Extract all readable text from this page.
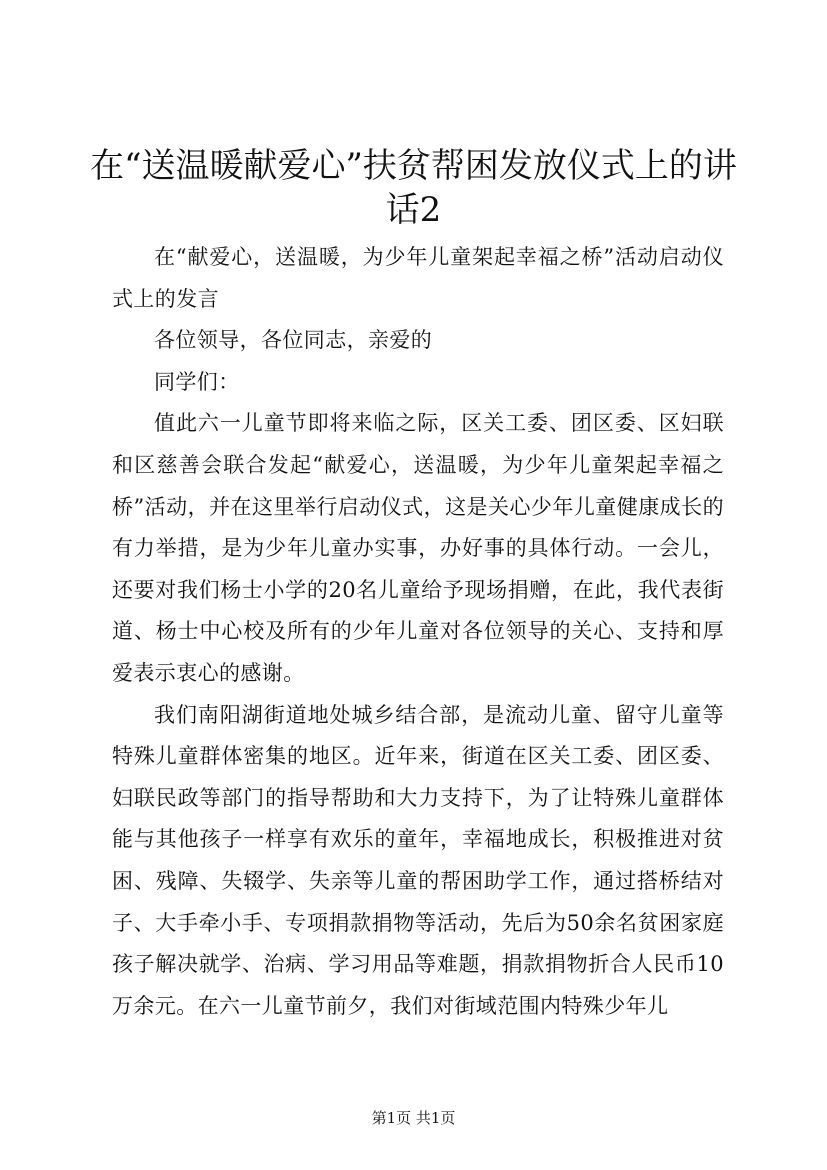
在“送温暖献爱心”扶贫帮困发放仪式上的讲
话2

在“献爱心，送温暖，为少年儿童架起幸福之桥”活动启动仪式上的发言

各位领导，各位同志，亲爱的

同学们：

值此六一儿童节即将来临之际，区关工委、团区委、区妇联和区慈善会联合发起“献爱心，送温暖，为少年儿童架起幸福之桥”活动，并在这里举行启动仪式，这是关心少年儿童健康成长的有力举措，是为少年儿童办实事，办好事的具体行动。一会儿，还要对我们杨士小学的20名儿童给予现场捐赠，在此，我代表街道、杨士中心校及所有的少年儿童对各位领导的关心、支持和厚爱表示衷心的感谢。

我们南阳湖街道地处城乡结合部，是流动儿童、留守儿童等特殊儿童群体密集的地区。近年来，街道在区关工委、团区委、妇联民政等部门的指导帮助和大力支持下，为了让特殊儿童群体能与其他孩子一样享有欢乐的童年，幸福地成长，积极推进对贫困、残障、失辍学、失亲等儿童的帮困助学工作，通过搭桥结对子、大手牵小手、专项捐款捐物等活动，先后为50余名贫困家庭孩子解决就学、治病、学习用品等难题，捐款捐物折合人民币10万余元。在六一儿童节前夕，我们对街域范围内特殊少年儿

第1页 共1页
